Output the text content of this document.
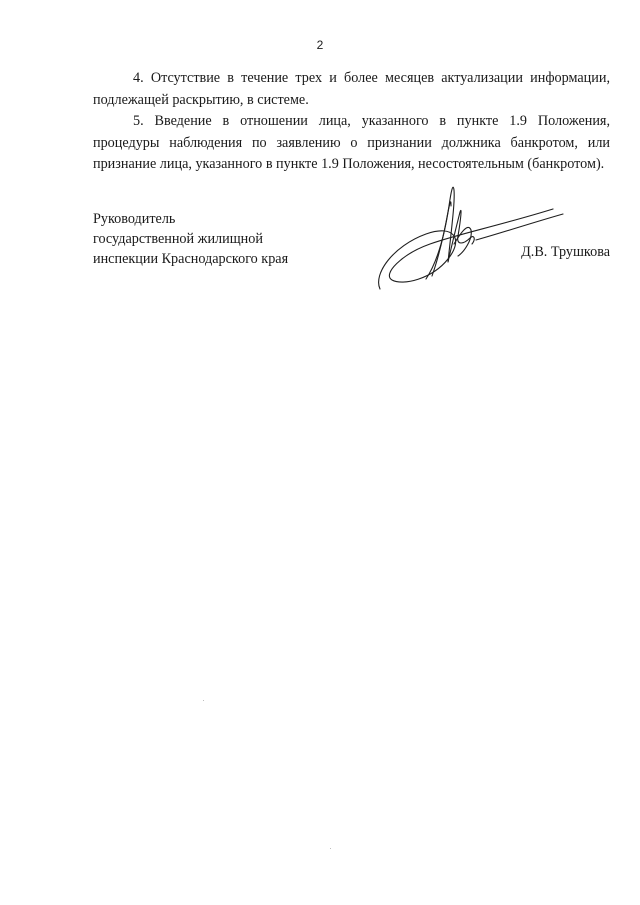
2

4. Отсутствие в течение трех и более месяцев актуализации информации, подлежащей раскрытию, в системе.

5. Введение в отношении лица, указанного в пункте 1.9 Положения, процедуры наблюдения по заявлению о признании должника банкротом, или признание лица, указанного в пункте 1.9 Положения, несостоятельным (банкротом).

Руководитель
государственной жилищной
инспекции Краснодарского края	Д.В. Трушкова
